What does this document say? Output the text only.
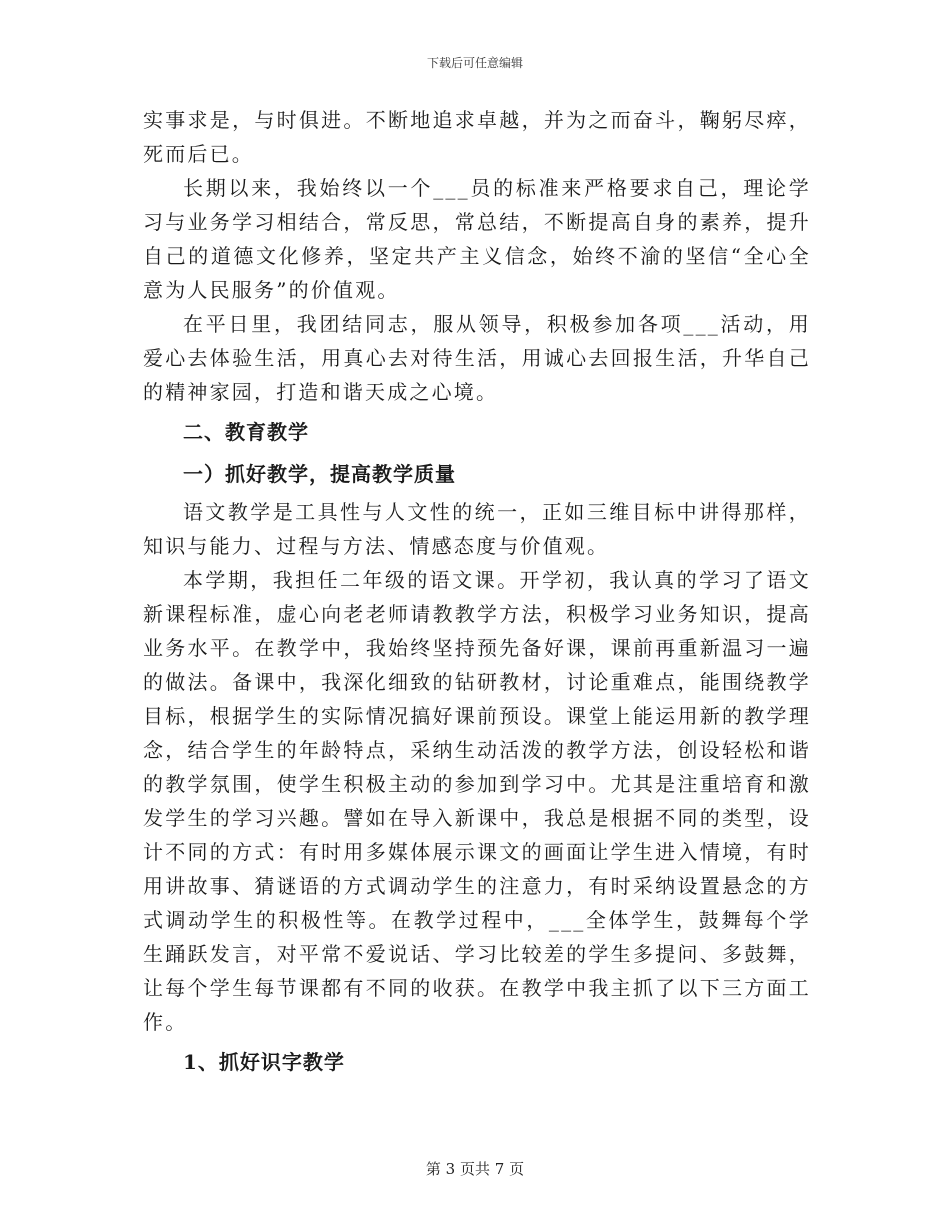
下载后可任意编辑

实事求是，与时俱进。不断地追求卓越，并为之而奋斗，鞠躬尽瘁，死而后已。

长期以来，我始终以一个___员的标准来严格要求自己，理论学习与业务学习相结合，常反思，常总结，不断提高自身的素养，提升自己的道德文化修养，坚定共产主义信念，始终不渝的坚信“全心全意为人民服务”的价值观。

在平日里，我团结同志，服从领导，积极参加各项___活动，用爱心去体验生活，用真心去对待生活，用诚心去回报生活，升华自己的精神家园，打造和谐天成之心境。

二、教育教学

一）抓好教学，提高教学质量

语文教学是工具性与人文性的统一，正如三维目标中讲得那样，知识与能力、过程与方法、情感态度与价值观。

本学期，我担任二年级的语文课。开学初，我认真的学习了语文新课程标准，虚心向老老师请教教学方法，积极学习业务知识，提高业务水平。在教学中，我始终坚持预先备好课，课前再重新温习一遍的做法。备课中，我深化细致的钻研教材，讨论重难点，能围绕教学目标，根据学生的实际情况搞好课前预设。课堂上能运用新的教学理念，结合学生的年龄特点，采纳生动活泼的教学方法，创设轻松和谐的教学氛围，使学生积极主动的参加到学习中。尤其是注重培育和激发学生的学习兴趣。譬如在导入新课中，我总是根据不同的类型，设计不同的方式：有时用多媒体展示课文的画面让学生进入情境，有时用讲故事、猜谜语的方式调动学生的注意力，有时采纳设置悬念的方式调动学生的积极性等。在教学过程中，___全体学生，鼓舞每个学生踊跃发言，对平常不爱说话、学习比较差的学生多提问、多鼓舞，让每个学生每节课都有不同的收获。在教学中我主抓了以下三方面工作。

1、抓好识字教学

第 3 页共 7 页
